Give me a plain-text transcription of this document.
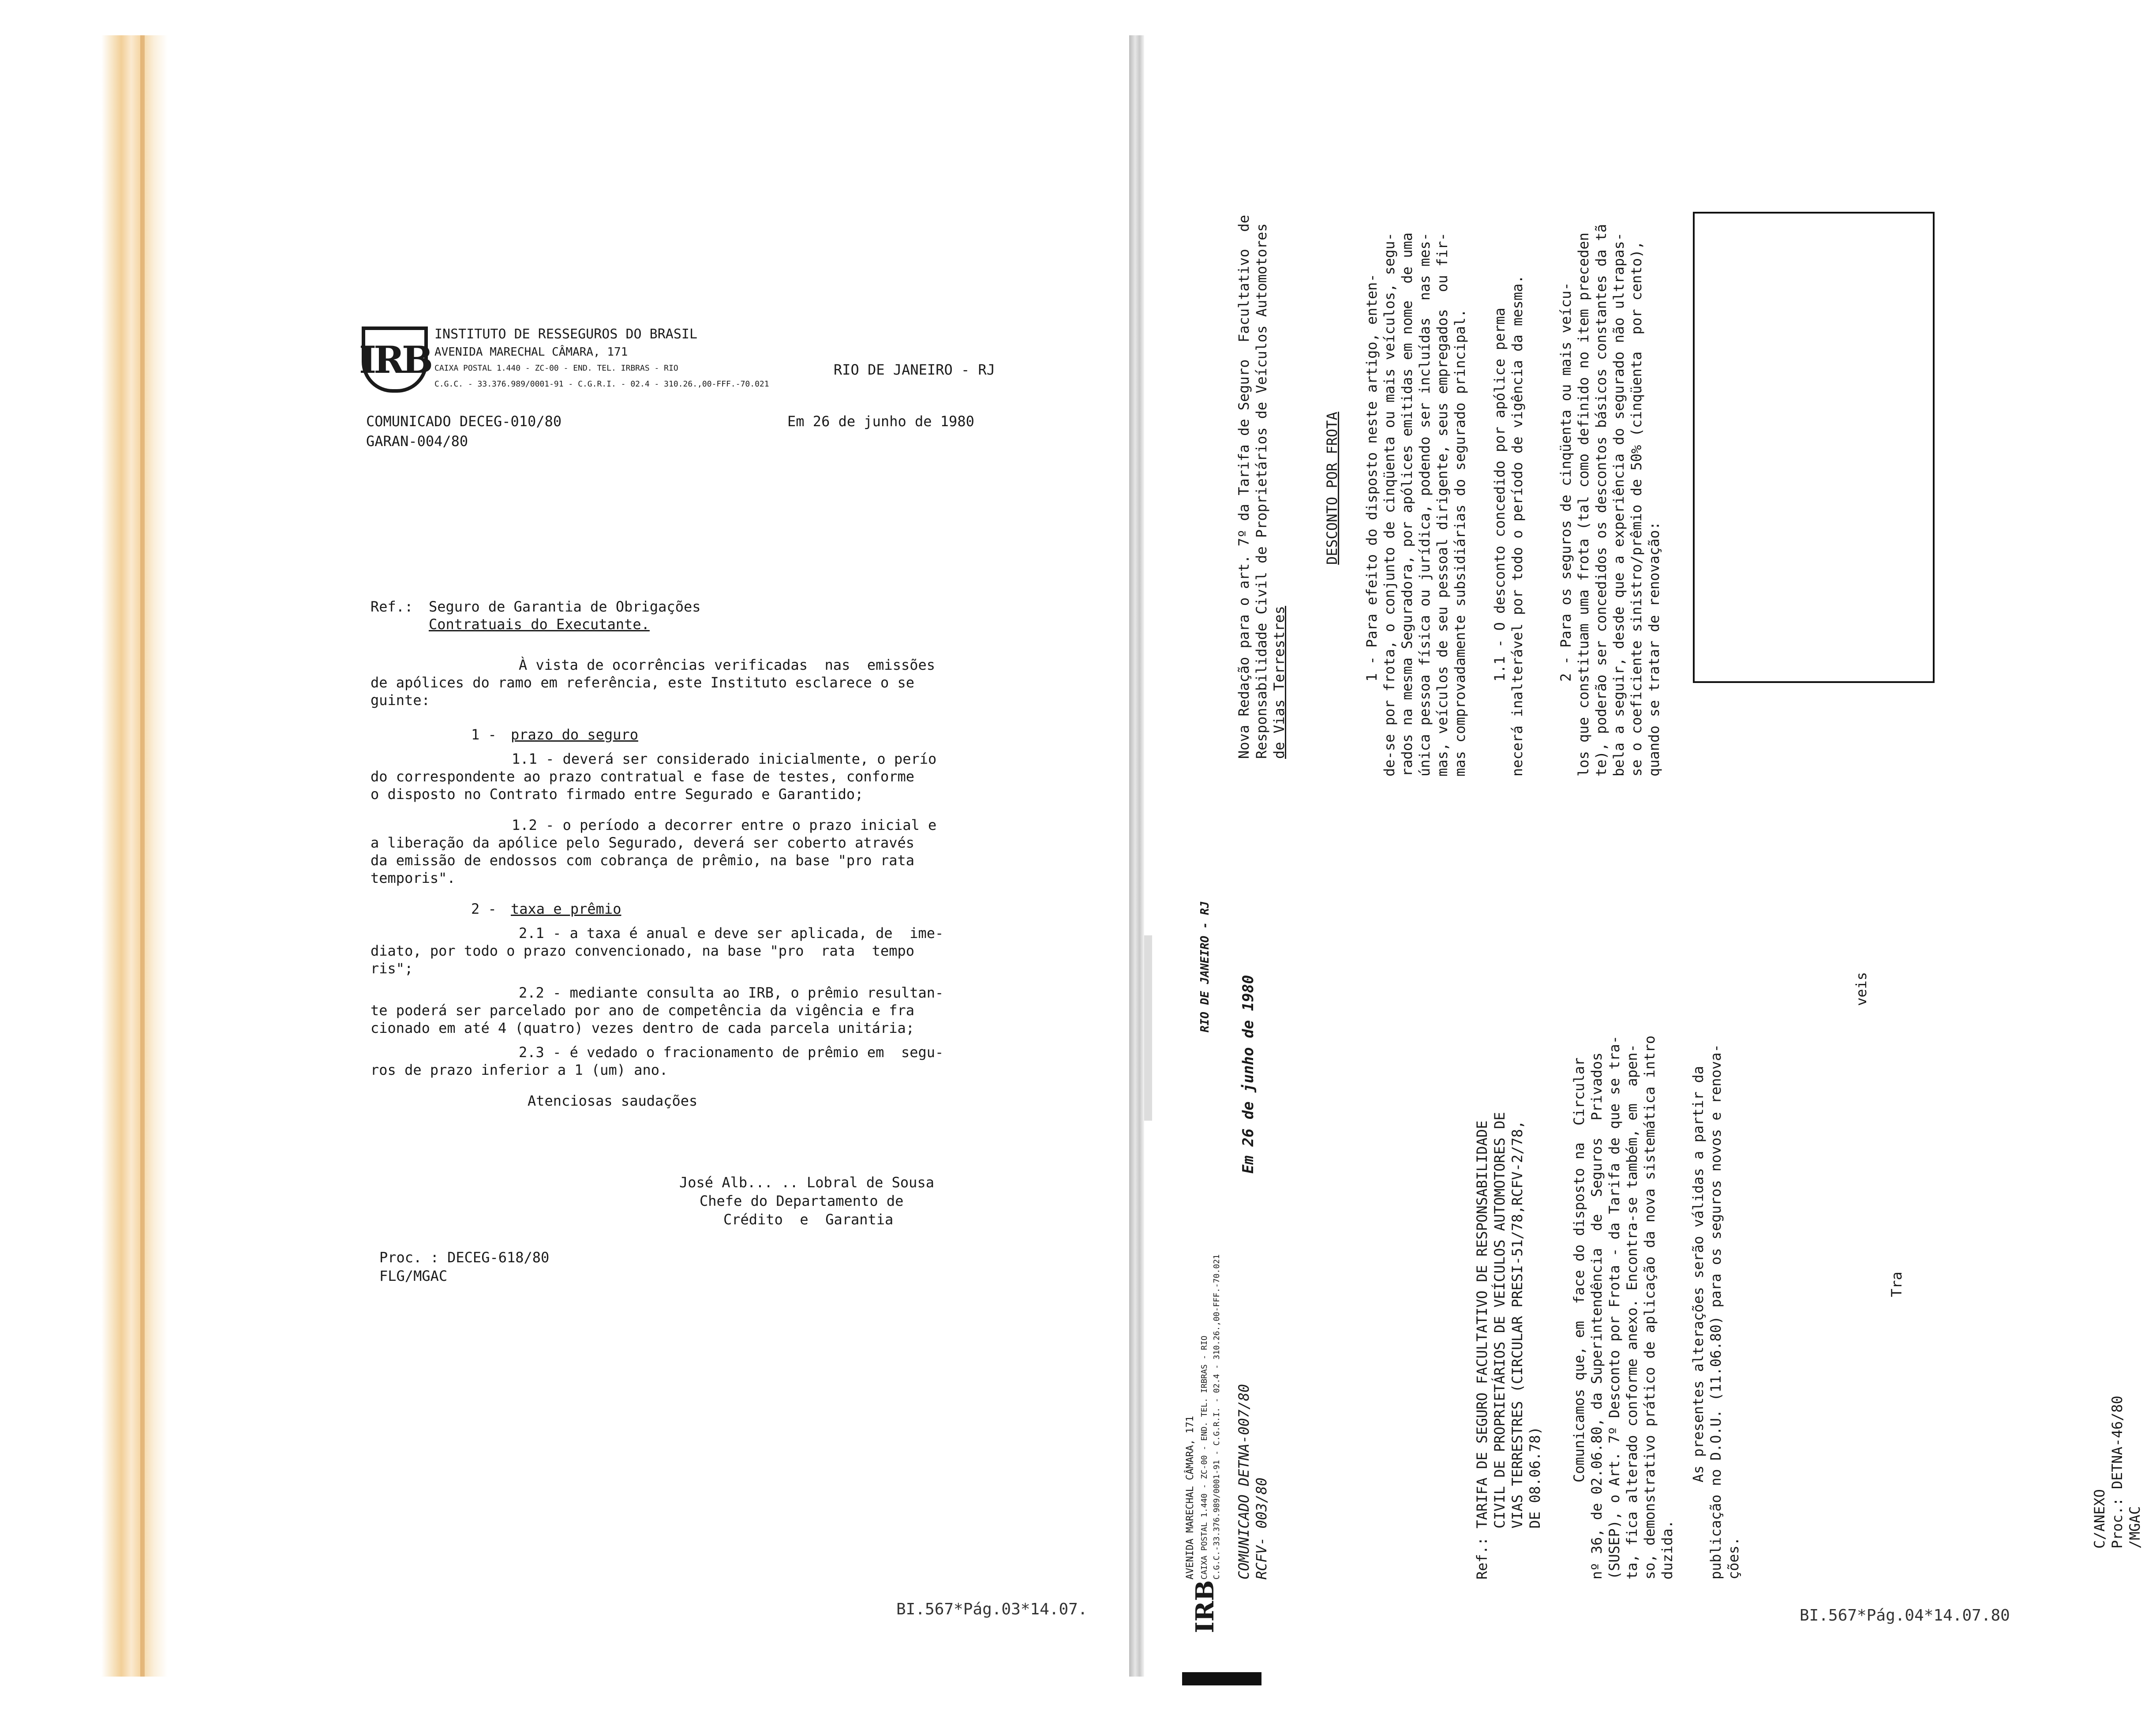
IRB
INSTITUTO DE RESSEGUROS DO BRASIL
AVENIDA MARECHAL CÂMARA, 171
CAIXA POSTAL 1.440 - ZC-00 - END. TEL. IRBRAS - RIO
C.G.C. - 33.376.989/0001-91 - C.G.R.I. - 02.4 - 310.26.,00-FFF.-70.021
RIO DE JANEIRO - RJ
COMUNICADO DECEG-010/80
GARAN-004/80
Em 26 de junho de 1980
Ref.: Seguro de Garantia de Obrigações
Contratuais do Executante.
À vista de ocorrências verificadas  nas  emissões
de apólices do ramo em referência, este Instituto esclarece o se
guinte:
1 - prazo do seguro
1.1 - deverá ser considerado inicialmente, o perío
do correspondente ao prazo contratual e fase de testes, conforme
o disposto no Contrato firmado entre Segurado e Garantido;
1.2 - o período a decorrer entre o prazo inicial e
a liberação da apólice pelo Segurado, deverá ser coberto através
da emissão de endossos com cobrança de prêmio, na base "pro rata
temporis".
2 - taxa e prêmio
2.1 - a taxa é anual e deve ser aplicada, de  ime-
diato, por todo o prazo convencionado, na base "pro  rata  tempo
ris";
2.2 - mediante consulta ao IRB, o prêmio resultan-
te poderá ser parcelado por ano de competência da vigência e fra
cionado em até 4 (quatro) vezes dentro de cada parcela unitária;
2.3 - é vedado o fracionamento de prêmio em  segu-
ros de prazo inferior a 1 (um) ano.
Atenciosas saudações
José Alb... .. Lobral de Sousa
Chefe do Departamento de
Crédito  e  Garantia
Proc. : DECEG-618/80
FLG/MGAC
BI.567*Pág.03*14.07.
Nova Redação para o art. 7º da Tarifa de Seguro  Facultativo  de Responsabilidade Civil de Proprietários de Veículos Automotores de Vias Terrestres
DESCONTO POR FROTA 1 - Para efeito do disposto neste artigo, enten- de-se por frota, o conjunto de cinqüenta ou mais veículos, segu- rados na mesma Seguradora, por apólices emitidas em nome  de uma única pessoa física ou jurídica, podendo ser incluídas  nas mes- mas, veículos de seu pessoal dirigente, seus empregados  ou fir- mas comprovadamente subsidiárias do segurado principal. 1.1 - O desconto concedido por apólice perma necerá inalterável por todo o período de vigência da mesma. 2 - Para os seguros de cinqüenta ou mais veícu- los que constituam uma frota (tal como definido no item preceden te), poderão ser concedidos os descontos básicos constantes da tã bela a seguir, desde que a experiência do segurado não ultrapas- se o coeficiente sinistro/prêmio de 50% (cinqüenta  por cento), quando se tratar de renovação:

IRB

AVENIDA MARECHAL CÂMARA, 171 CAIXA POSTAL 1.440 - ZC-00 - END. TEL. IRBRAS - RIO C.G.C.-33.376.989/0001-91 - C.G.R.I. - 02.4 - 310.26.,00-FFF.-70.021
RIO DE JANEIRO - RJ
COMUNICADO DETNA-007/80 RCFV- 003/80
Em 26 de junho de 1980
Ref.: TARIFA DE SEGURO FACULTATIVO DE RESPONSABILIDADE CIVIL DE PROPRIETÁRIOS DE VEÍCULOS AUTOMOTORES DE VIAS TERRESTRES (CIRCULAR PRESI-51/78,RCFV-2/78, DE 08.06.78)
Comunicamos que, em  face do disposto na  Circular nº 36, de 02.06.80, da Superintendência  de  Seguros  Privados (SUSEP), o Art. 7º Desconto por Frota - da Tarifa de que se tra- ta, fica alterado conforme anexo. Encontra-se também, em  apen- so, demonstrativo prático de aplicação da nova sistemática intro duzida.
As presentes alterações serão válidas a partir da publicação no D.O.U. (11.06.80) para os seguros novos e renova- ções.
veis
Tra
C/ANEXO Proc.: DETNA-46/80 /MGAC
BI.567*Pág.04*14.07.80
